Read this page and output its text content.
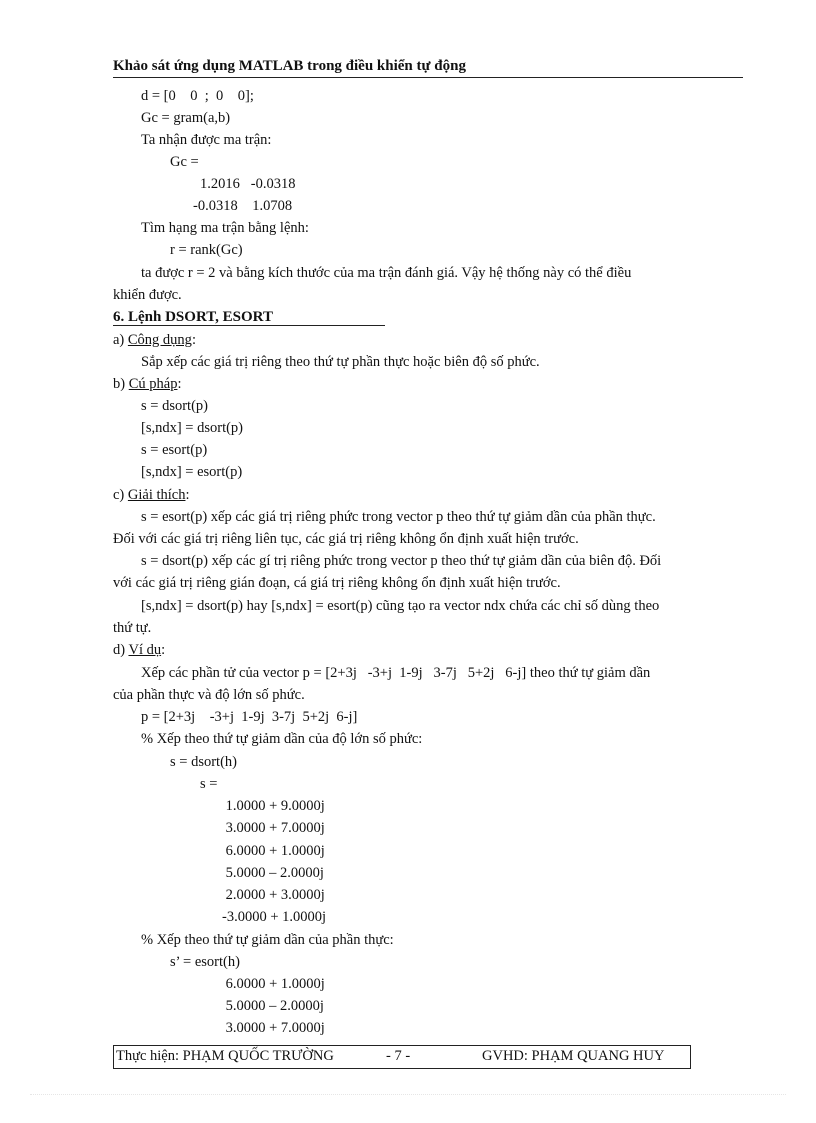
Khảo sát ứng dụng MATLAB trong điều khiển tự động
d = [0    0  ;  0    0];
Gc = gram(a,b)
Ta nhận được ma trận:
Gc =
1.2016   -0.0318
-0.0318    1.0708
Tìm hạng ma trận bằng lệnh:
r = rank(Gc)
ta được r = 2 và bằng kích thước của ma trận đánh giá. Vậy hệ thống này có thể điều
khiển được.
6. Lệnh DSORT, ESORT
a) Công dụng:
Sắp xếp các giá trị riêng theo thứ tự phần thực hoặc biên độ số phức.
b) Cú pháp:
s = dsort(p)
[s,ndx] = dsort(p)
s = esort(p)
[s,ndx] = esort(p)
c) Giải thích:
s = esort(p) xếp các giá trị riêng phức trong vector p theo thứ tự giảm dần của phần thực.
Đối với các giá trị riêng liên tục, các giá trị riêng không ổn định xuất hiện trước.
s = dsort(p) xếp các gí trị riêng phức trong vector p theo thứ tự giảm dần của biên độ. Đối
với các giá trị riêng gián đoạn, cá giá trị riêng không ổn định xuất hiện trước.
[s,ndx] = dsort(p) hay [s,ndx] = esort(p) cũng tạo ra vector ndx chứa các chỉ số dùng theo
thứ tự.
d) Ví dụ:
Xếp các phần tử của vector p = [2+3j   -3+j  1-9j   3-7j   5+2j   6-j] theo thứ tự giảm dần
của phần thực và độ lớn số phức.
p = [2+3j    -3+j  1-9j  3-7j  5+2j  6-j]
% Xếp theo thứ tự giảm dần của độ lớn số phức:
s = dsort(h)
s =
1.0000 + 9.0000j
3.0000 + 7.0000j
6.0000 + 1.0000j
5.0000 – 2.0000j
2.0000 + 3.0000j
-3.0000 + 1.0000j
% Xếp theo thứ tự giảm dần của phần thực:
s’ = esort(h)
6.0000 + 1.0000j
5.0000 – 2.0000j
3.0000 + 7.0000j
Thực hiện: PHẠM QUỐC TRƯỜNG	- 7 -	GVHD: PHẠM QUANG HUY
